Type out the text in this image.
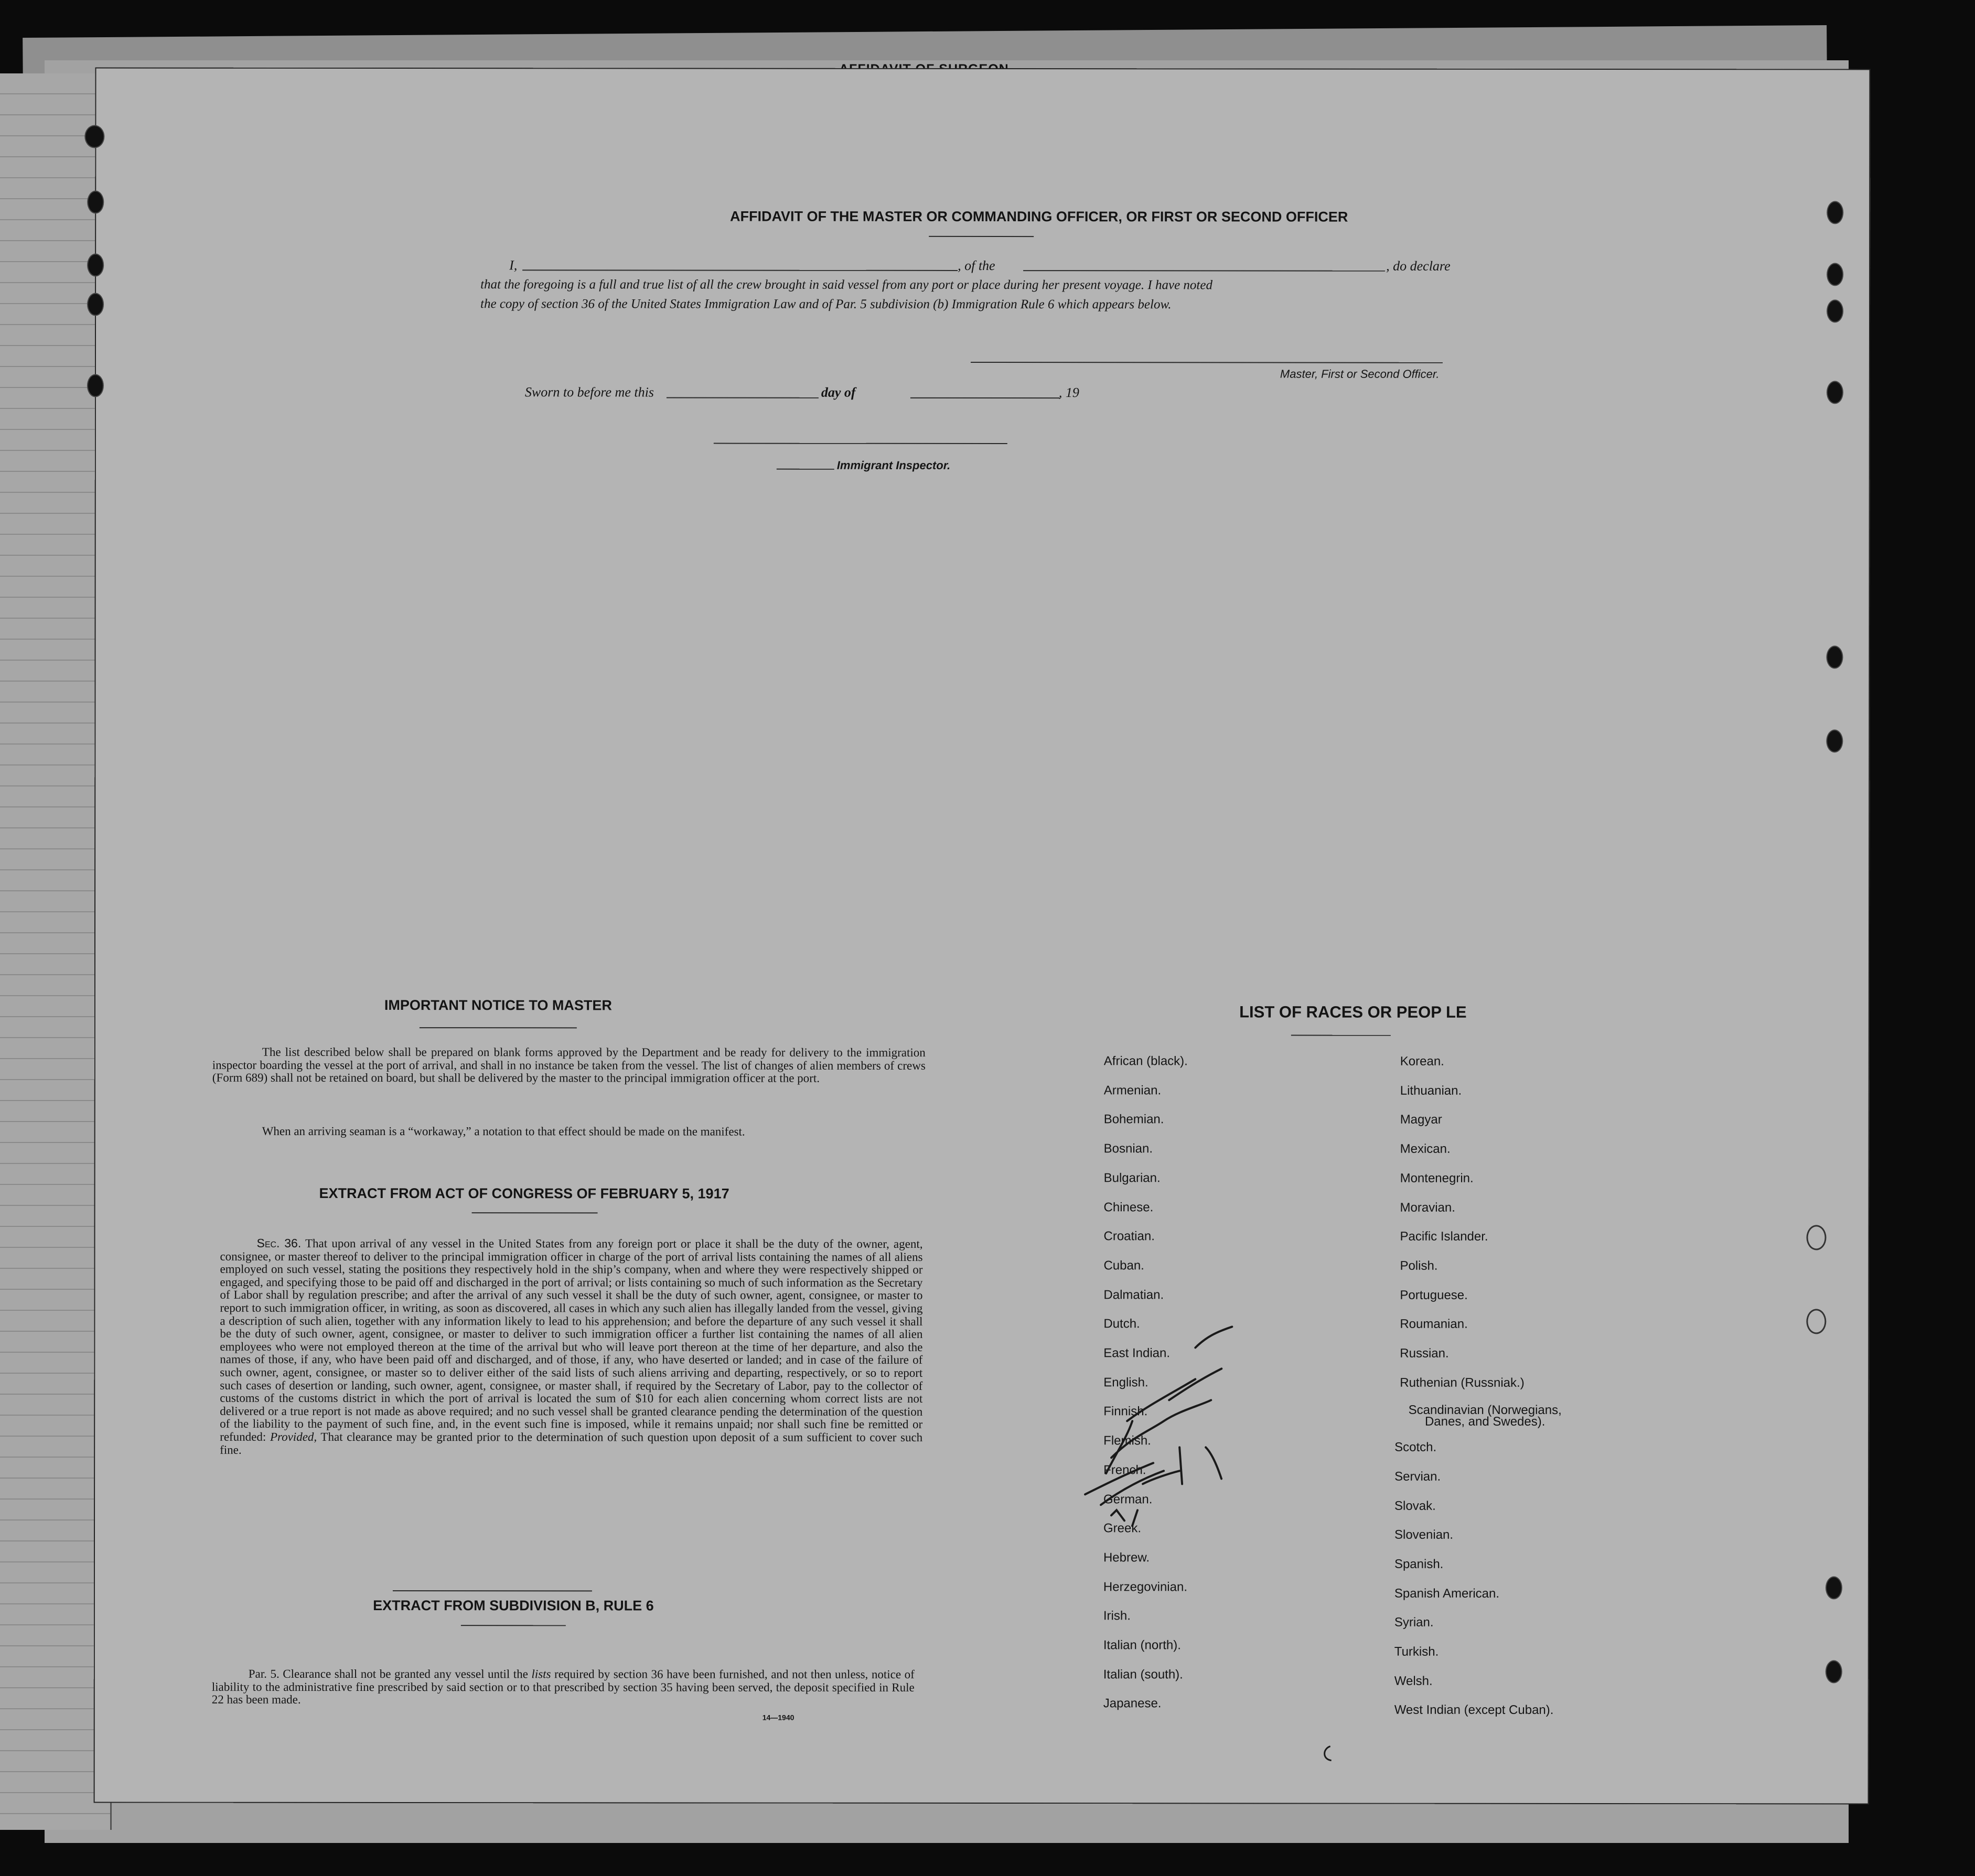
AFFIDAVIT OF THE MASTER OR COMMANDING OFFICER, OR FIRST OR SECOND OFFICER
I,	, of the	, do declare
that the foregoing is a full and true list of all the crew brought in said vessel from any port or place during her present voyage. I have noted
the copy of section 36 of the United States Immigration Law and of Par. 5 subdivision (b) Immigration Rule 6 which appears below.
Master, First or Second Officer.
Sworn to before me this	day of	, 19
Immigrant Inspector.
IMPORTANT NOTICE TO MASTER
The list described below shall be prepared on blank forms approved by the Department and be ready for delivery to the immigration inspector boarding the vessel at the port of arrival, and shall in no instance be taken from the vessel. The list of changes of alien members of crews (Form 689) shall not be retained on board, but shall be delivered by the master to the principal immigration officer at the port.
When an arriving seaman is a “workaway,” a notation to that effect should be made on the manifest.
EXTRACT FROM ACT OF CONGRESS OF FEBRUARY 5, 1917
Sec. 36. That upon arrival of any vessel in the United States from any foreign port or place it shall be the duty of the owner, agent, consignee, or master thereof to deliver to the principal immigration officer in charge of the port of arrival lists containing the names of all aliens employed on such vessel, stating the positions they respectively hold in the ship’s company, when and where they were respectively shipped or engaged, and specifying those to be paid off and discharged in the port of arrival; or lists containing so much of such information as the Secretary of Labor shall by regulation prescribe; and after the arrival of any such vessel it shall be the duty of such owner, agent, consignee, or master to report to such immigration officer, in writing, as soon as discovered, all cases in which any such alien has illegally landed from the vessel, giving a description of such alien, together with any information likely to lead to his apprehension; and before the departure of any such vessel it shall be the duty of such owner, agent, consignee, or master to deliver to such immigration officer a further list containing the names of all alien employees who were not employed thereon at the time of the arrival but who will leave port thereon at the time of her departure, and also the names of those, if any, who have been paid off and discharged, and of those, if any, who have deserted or landed; and in case of the failure of such owner, agent, consignee, or master so to deliver either of the said lists of such aliens arriving and departing, respectively, or so to report such cases of desertion or landing, such owner, agent, consignee, or master shall, if required by the Secretary of Labor, pay to the collector of customs of the customs district in which the port of arrival is located the sum of $10 for each alien concerning whom correct lists are not delivered or a true report is not made as above required; and no such vessel shall be granted clearance pending the determination of the question of the liability to the payment of such fine, and, in the event such fine is imposed, while it remains unpaid; nor shall such fine be remitted or refunded: Provided, That clearance may be granted prior to the determination of such question upon deposit of a sum sufficient to cover such fine.
EXTRACT FROM SUBDIVISION B, RULE 6
Par. 5. Clearance shall not be granted any vessel until the lists required by section 36 have been furnished, and not then unless, notice of liability to the administrative fine prescribed by said section or to that prescribed by section 35 having been served, the deposit specified in Rule 22 has been made.
14—1940
LIST OF RACES OR PEOP LE
African (black).
Armenian.
Bohemian.
Bosnian.
Bulgarian.
Chinese.
Croatian.
Cuban.
Dalmatian.
Dutch.
East Indian.
English.
Finnish.
Flemish.
French.
German.
Greek.
Hebrew.
Herzegovinian.
Irish.
Italian (north).
Italian (south).
Japanese.
Korean.
Lithuanian.
Magyar
Mexican.
Montenegrin.
Moravian.
Pacific Islander.
Polish.
Portuguese.
Roumanian.
Russian.
Ruthenian (Russniak.)
Scandinavian (Norwegians, Danes, and Swedes).
Scotch.
Servian.
Slovak.
Slovenian.
Spanish.
Spanish American.
Syrian.
Turkish.
Welsh.
West Indian (except Cuban).
